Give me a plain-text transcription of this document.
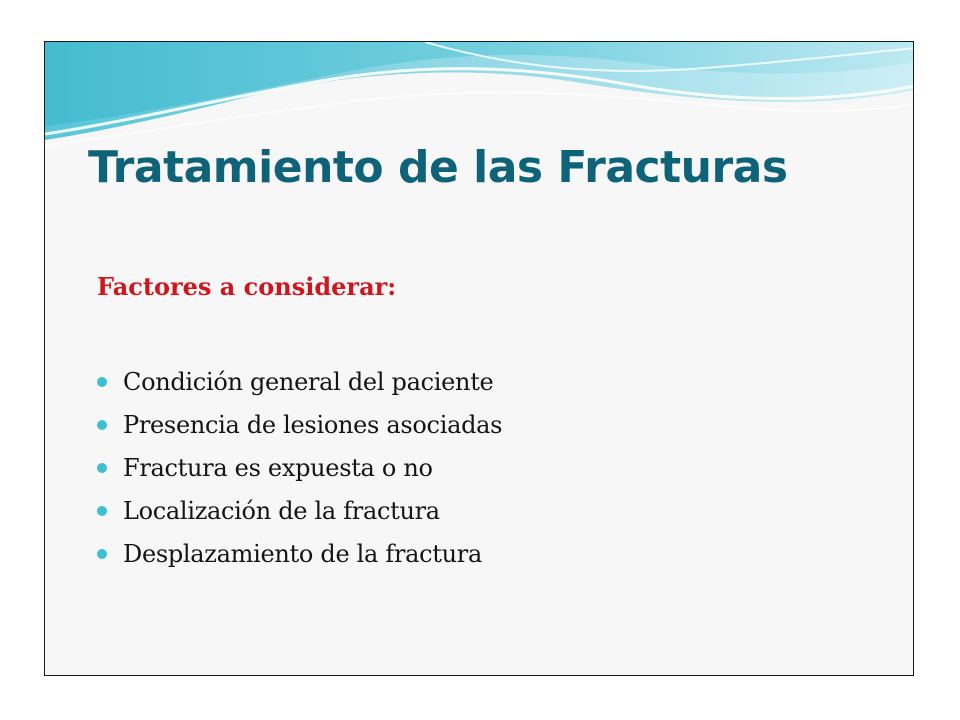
Tratamiento de las Fracturas

Factores a considerar:

Condición general del paciente
Presencia de lesiones asociadas
Fractura es expuesta o no
Localización de la fractura
Desplazamiento de la fractura
